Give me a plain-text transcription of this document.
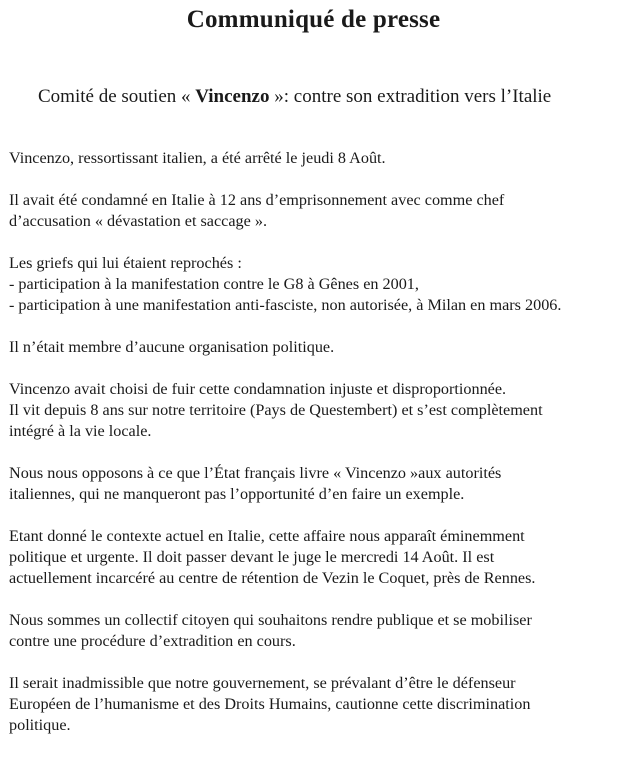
Communiqué de presse
Comité de soutien « Vincenzo »: contre son extradition vers l’Italie
Vincenzo, ressortissant italien, a été arrêté le jeudi 8 Août.
Il avait été condamné en Italie à 12 ans d’emprisonnement avec comme chef
d’accusation « dévastation et saccage ».
Les griefs qui lui étaient reprochés :
- participation à la manifestation contre le G8 à Gênes en 2001,
- participation à une manifestation anti-fasciste, non autorisée, à Milan en mars 2006.
Il n’était membre d’aucune organisation politique.
Vincenzo avait choisi de fuir cette condamnation injuste et disproportionnée.
Il vit depuis 8 ans sur notre territoire (Pays de Questembert) et s’est complètement
intégré à la vie locale.
Nous nous opposons à ce que l’État français livre « Vincenzo »aux autorités
italiennes, qui ne manqueront pas l’opportunité d’en faire un exemple.
Etant donné le contexte actuel en Italie, cette affaire nous apparaît éminemment
politique et urgente. Il doit passer devant le juge le mercredi 14 Août. Il est
actuellement incarcéré au centre de rétention de Vezin le Coquet, près de Rennes.
Nous sommes un collectif citoyen qui souhaitons rendre publique et se mobiliser
contre une procédure d’extradition en cours.
Il serait inadmissible que notre gouvernement, se prévalant d’être le défenseur
Européen de l’humanisme et des Droits Humains, cautionne cette discrimination
politique.
